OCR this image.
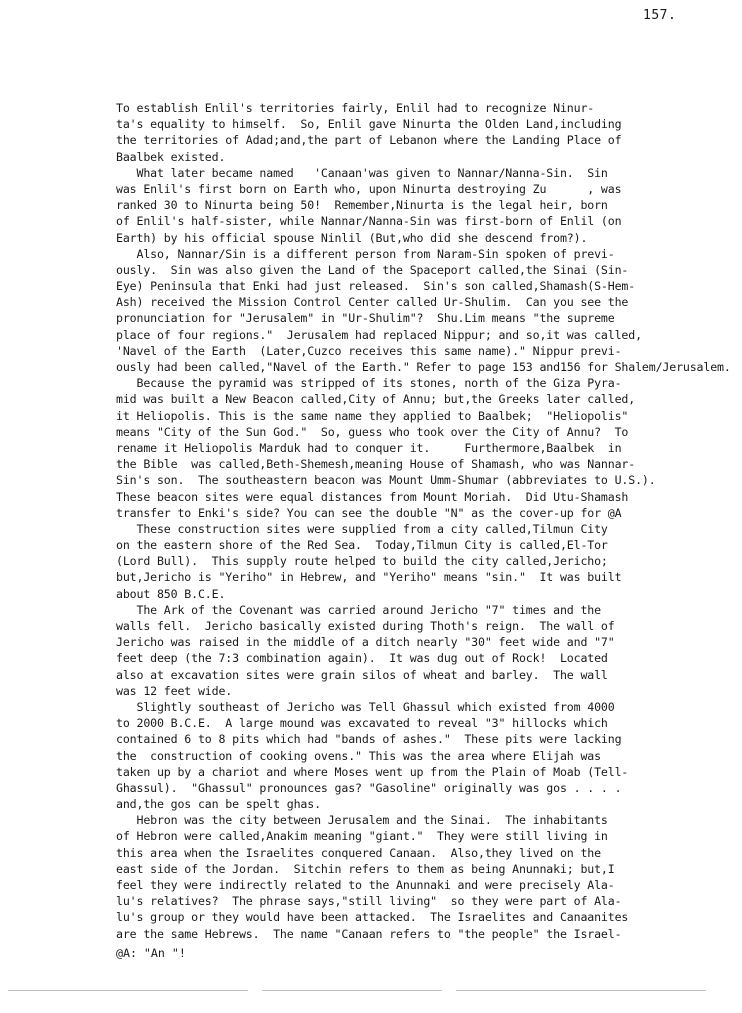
157.
To establish Enlil's territories fairly, Enlil had to recognize Ninur-
ta's equality to himself.  So, Enlil gave Ninurta the Olden Land,including
the territories of Adad;and,the part of Lebanon where the Landing Place of
Baalbek existed.
What later became named   'Canaan'was given to Nannar/Nanna-Sin.  Sin
was Enlil's first born on Earth who, upon Ninurta destroying Zu      , was
ranked 30 to Ninurta being 50!  Remember,Ninurta is the legal heir, born
of Enlil's half-sister, while Nannar/Nanna-Sin was first-born of Enlil (on
Earth) by his official spouse Ninlil (But,who did she descend from?).
Also, Nannar/Sin is a different person from Naram-Sin spoken of previ-
ously.  Sin was also given the Land of the Spaceport called,the Sinai (Sin-
Eye) Peninsula that Enki had just released.  Sin's son called,Shamash(S-Hem-
Ash) received the Mission Control Center called Ur-Shulim.  Can you see the
pronunciation for "Jerusalem" in "Ur-Shulim"?  Shu.Lim means "the supreme
place of four regions."  Jerusalem had replaced Nippur; and so,it was called,
'Navel of the Earth  (Later,Cuzco receives this same name)." Nippur previ-
ously had been called,"Navel of the Earth." Refer to page 153 and156 for Shalem/Jerusalem.
Because the pyramid was stripped of its stones, north of the Giza Pyra-
mid was built a New Beacon called,City of Annu; but,the Greeks later called,
it Heliopolis. This is the same name they applied to Baalbek;  "Heliopolis"
means "City of the Sun God."  So, guess who took over the City of Annu?  To
rename it Heliopolis Marduk had to conquer it.     Furthermore,Baalbek  in
the Bible  was called,Beth-Shemesh,meaning House of Shamash, who was Nannar-
Sin's son.  The southeastern beacon was Mount Umm-Shumar (abbreviates to U.S.).
These beacon sites were equal distances from Mount Moriah.  Did Utu-Shamash
transfer to Enki's side? You can see the double "N" as the cover-up for @A
These construction sites were supplied from a city called,Tilmun City
on the eastern shore of the Red Sea.  Today,Tilmun City is called,El-Tor
(Lord Bull).  This supply route helped to build the city called,Jericho;
but,Jericho is "Yeriho" in Hebrew, and "Yeriho" means "sin."  It was built
about 850 B.C.E.
The Ark of the Covenant was carried around Jericho "7" times and the
walls fell.  Jericho basically existed during Thoth's reign.  The wall of
Jericho was raised in the middle of a ditch nearly "30" feet wide and "7"
feet deep (the 7:3 combination again).  It was dug out of Rock!  Located
also at excavation sites were grain silos of wheat and barley.  The wall
was 12 feet wide.
Slightly southeast of Jericho was Tell Ghassul which existed from 4000
to 2000 B.C.E.  A large mound was excavated to reveal "3" hillocks which
contained 6 to 8 pits which had "bands of ashes."  These pits were lacking
the  construction of cooking ovens." This was the area where Elijah was
taken up by a chariot and where Moses went up from the Plain of Moab (Tell-
Ghassul).  "Ghassul" pronounces gas? "Gasoline" originally was gos . . . .
and,the gos can be spelt ghas.
Hebron was the city between Jerusalem and the Sinai.  The inhabitants
of Hebron were called,Anakim meaning "giant."  They were still living in
this area when the Israelites conquered Canaan.  Also,they lived on the
east side of the Jordan.  Sitchin refers to them as being Anunnaki; but,I
feel they were indirectly related to the Anunnaki and were precisely Ala-
lu's relatives?  The phrase says,"still living"  so they were part of Ala-
lu's group or they would have been attacked.  The Israelites and Canaanites
are the same Hebrews.  The name "Canaan refers to "the people" the Israel-
@A: "An "!
